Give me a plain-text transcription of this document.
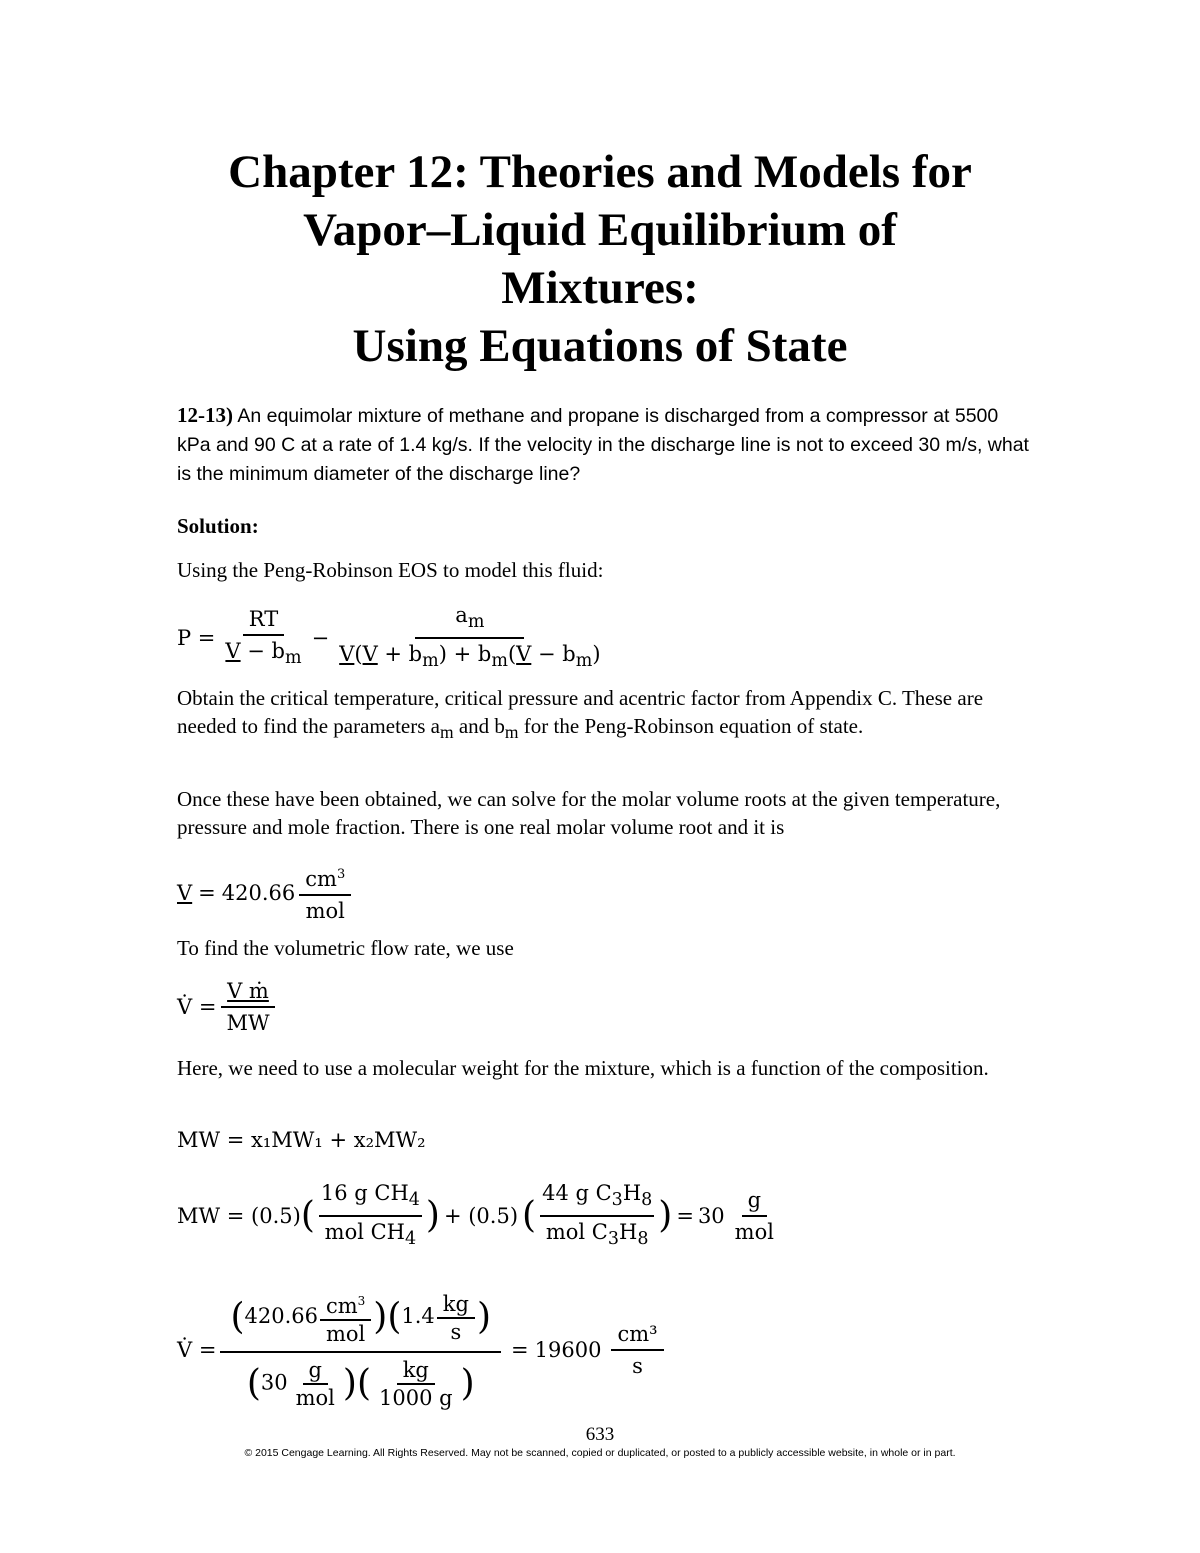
Chapter 12: Theories and Models for
Vapor–Liquid Equilibrium of
Mixtures:
Using Equations of State

12-13) An equimolar mixture of methane and propane is discharged from a compressor at 5500 kPa and 90 C at a rate of 1.4 kg/s. If the velocity in the discharge line is not to exceed 30 m/s, what is the minimum diameter of the discharge line?

Solution:

Using the Peng-Robinson EOS to model this fluid:

$P = \frac{RT}{V - b_m} - \frac{a_m}{V(V + b_m) + b_m(V - b_m)}$

Obtain the critical temperature, critical pressure and acentric factor from Appendix C. These are needed to find the parameters $a_m$ and $b_m$ for the Peng-Robinson equation of state.

Once these have been obtained, we can solve for the molar volume roots at the given temperature, pressure and mole fraction. There is one real molar volume root and it is

$V = 420.66 \frac{cm^3}{\text{mol}}$

To find the volumetric flow rate, we use

V̇ = $\frac{\text{V ṁ}}{MW}$

Here, we need to use a molecular weight for the mixture, which is a function of the composition.

MW = x₁MW₁ + x₂MW₂
MW = (0.5) ( $\frac{16 g CH_4}{mol CH_4}$ ) + (0.5) ( $\frac{44 g C_3H_8}{mol C_3H_8}$ ) = $30 \frac{g}{\text{mol}}$
V̇ = $\frac{(420.66 \frac{cm^3}{\text{mol}} )(1.4 \frac{kg}{s} )}{(30 \frac{g}{\text{mol}} )( \frac{kg}{1000 g} )} = 19600 \frac{\text{cm³}}{s}$
633
© 2015 Cengage Learning. All Rights Reserved. May not be scanned, copied or duplicated, or posted to a publicly accessible website, in whole or in part.
